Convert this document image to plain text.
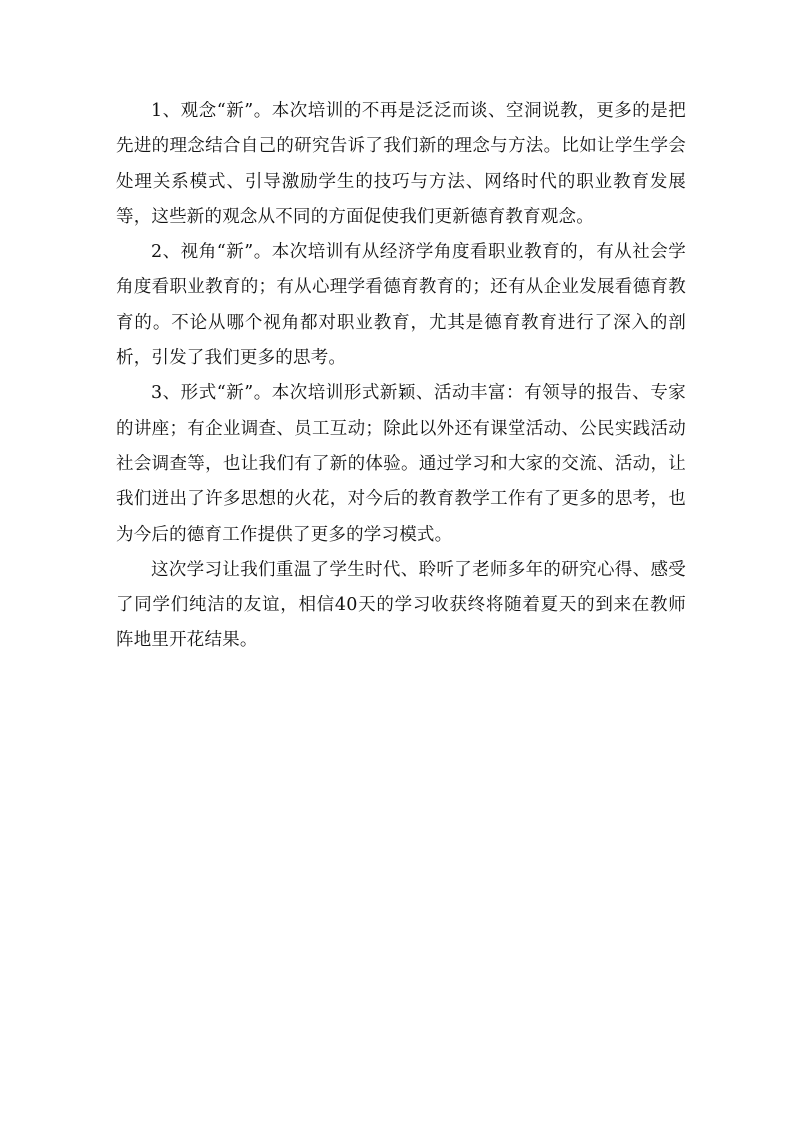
1、观念“新”。本次培训的不再是泛泛而谈、空洞说教，更多的是把先进的理念结合自己的研究告诉了我们新的理念与方法。比如让学生学会处理关系模式、引导激励学生的技巧与方法、网络时代的职业教育发展等，这些新的观念从不同的方面促使我们更新德育教育观念。

2、视角“新”。本次培训有从经济学角度看职业教育的，有从社会学角度看职业教育的；有从心理学看德育教育的；还有从企业发展看德育教育的。不论从哪个视角都对职业教育，尤其是德育教育进行了深入的剖析，引发了我们更多的思考。

3、形式“新”。本次培训形式新颖、活动丰富：有领导的报告、专家的讲座；有企业调查、员工互动；除此以外还有课堂活动、公民实践活动社会调查等，也让我们有了新的体验。通过学习和大家的交流、活动，让我们迸出了许多思想的火花，对今后的教育教学工作有了更多的思考，也为今后的德育工作提供了更多的学习模式。

这次学习让我们重温了学生时代、聆听了老师多年的研究心得、感受了同学们纯洁的友谊，相信40天的学习收获终将随着夏天的到来在教师阵地里开花结果。
